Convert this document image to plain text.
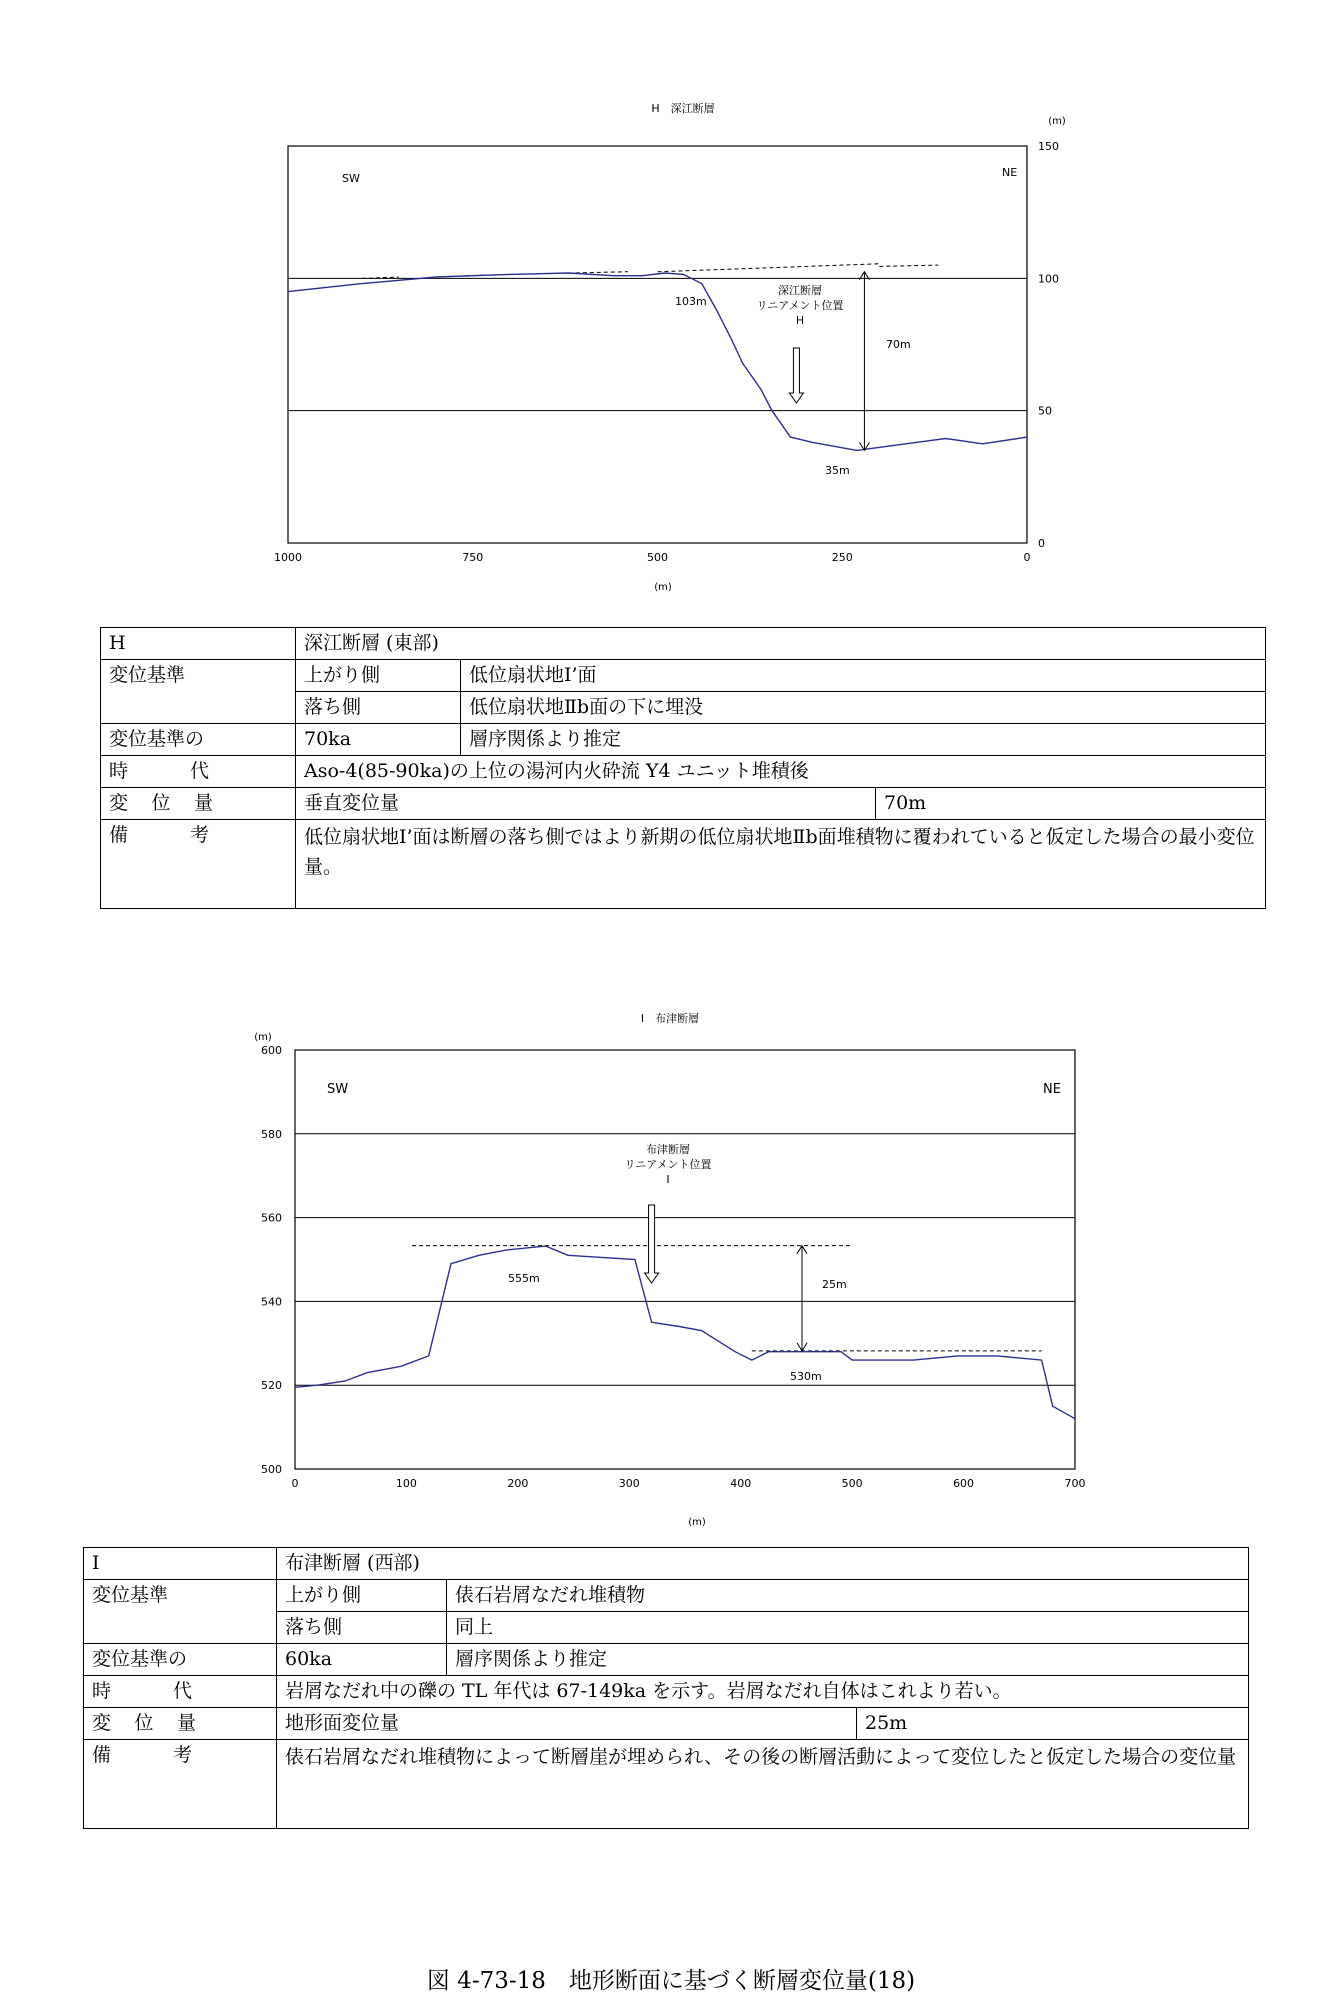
H　深江断層
(m)
(m)
SW	NE
103m
35m
70m
深江断層
リニアメント位置
H
150
100
50
0
1000	750	500	250	0
I　布津断層
(m)
(m)
SW	NE
555m
530m
25m
布津断層
リニアメント位置
I
600
580
560
540
520
500
0	100	200	300	400	500	600	700
H	深江断層 (東部)		
変位基準	上がり側	低位扇状地Ⅰ’面	
	落ち側	低位扇状地Ⅱb面の下に埋没	
変位基準の	70ka	層序関係より推定	

時 代	Aso-4(85-90ka)の上位の湯河内火砕流 Y4 ユニット堆積後		

変 位 量	垂直変位量		70m

備 考	低位扇状地Ⅰ’面は断層の落ち側ではより新期の低位扇状地Ⅱb面堆積物に覆われていると仮定した場合の最小変位量。		
I	布津断層 (西部)		
変位基準	上がり側	俵石岩屑なだれ堆積物	
	落ち側	同上	
変位基準の	60ka	層序関係より推定	

時 代	岩屑なだれ中の礫の TL 年代は 67-149ka を示す。岩屑なだれ自体はこれより若い。		

変 位 量	地形面変位量		25m

備 考	俵石岩屑なだれ堆積物によって断層崖が埋められ、その後の断層活動によって変位したと仮定した場合の変位量		
図 4-73-18　地形断面に基づく断層変位量(18)
